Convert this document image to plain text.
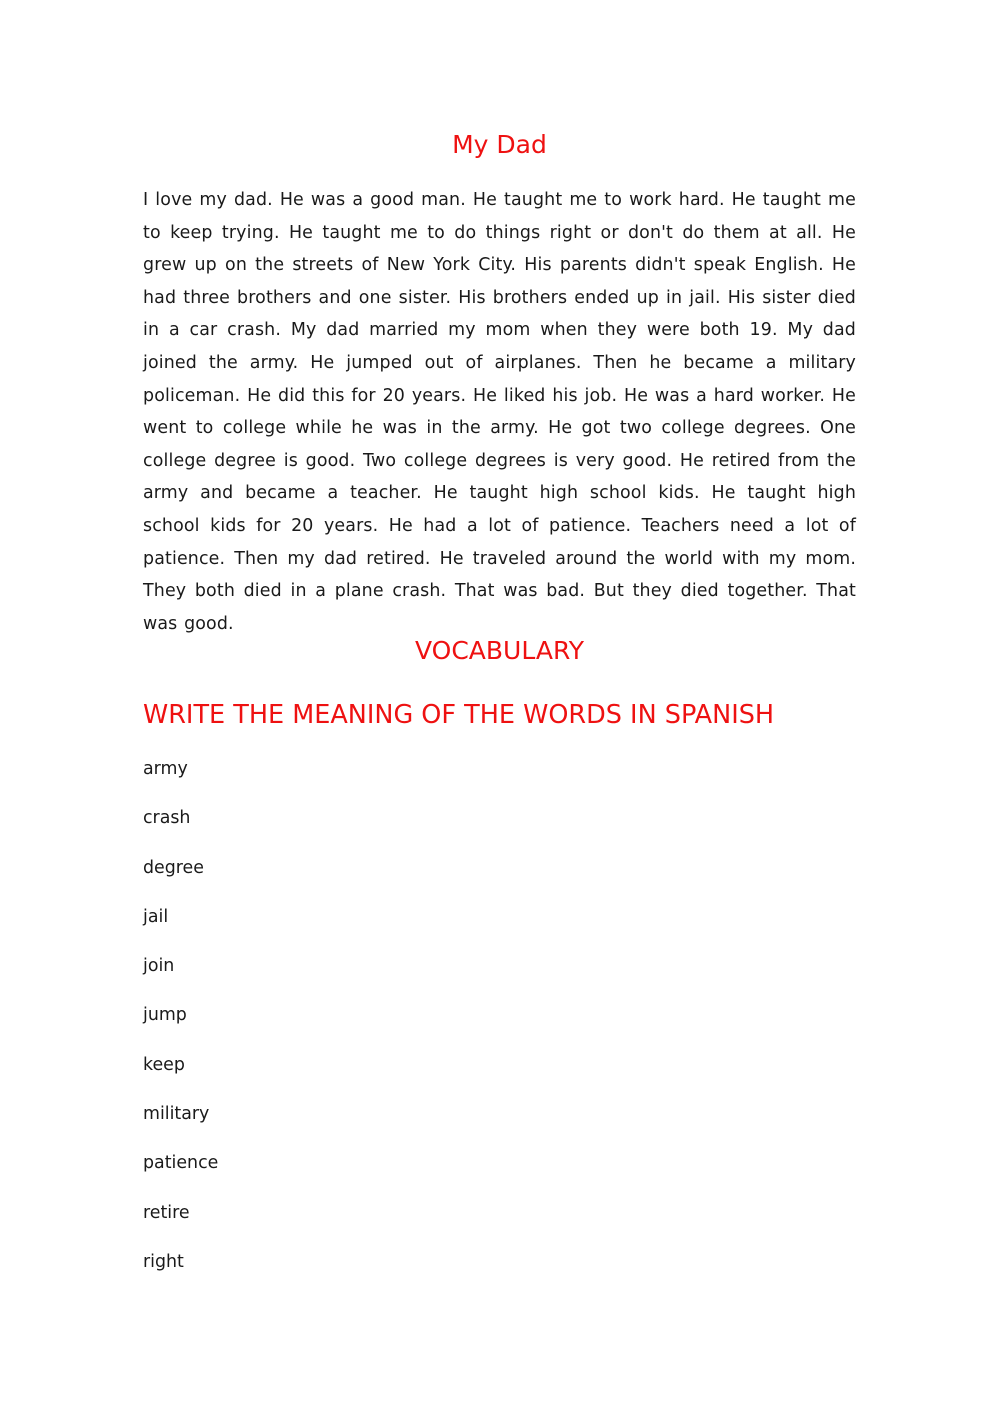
My Dad

I love my dad. He was a good man. He taught me to work hard. He taught me to keep trying. He taught me to do things right or don't do them at all. He grew up on the streets of New York City. His parents didn't speak English. He had three brothers and one sister. His brothers ended up in jail. His sister died in a car crash. My dad married my mom when they were both 19. My dad joined the army. He jumped out of airplanes. Then he became a military policeman. He did this for 20 years. He liked his job. He was a hard worker. He went to college while he was in the army. He got two college degrees. One college degree is good. Two college degrees is very good. He retired from the army and became a teacher. He taught high school kids. He taught high school kids for 20 years. He had a lot of patience. Teachers need a lot of patience. Then my dad retired. He traveled around the world with my mom. They both died in a plane crash. That was bad. But they died together. That was good.

VOCABULARY
WRITE THE MEANING OF THE WORDS IN SPANISH
army
crash
degree
jail
join
jump
keep
military
patience
retire
right
